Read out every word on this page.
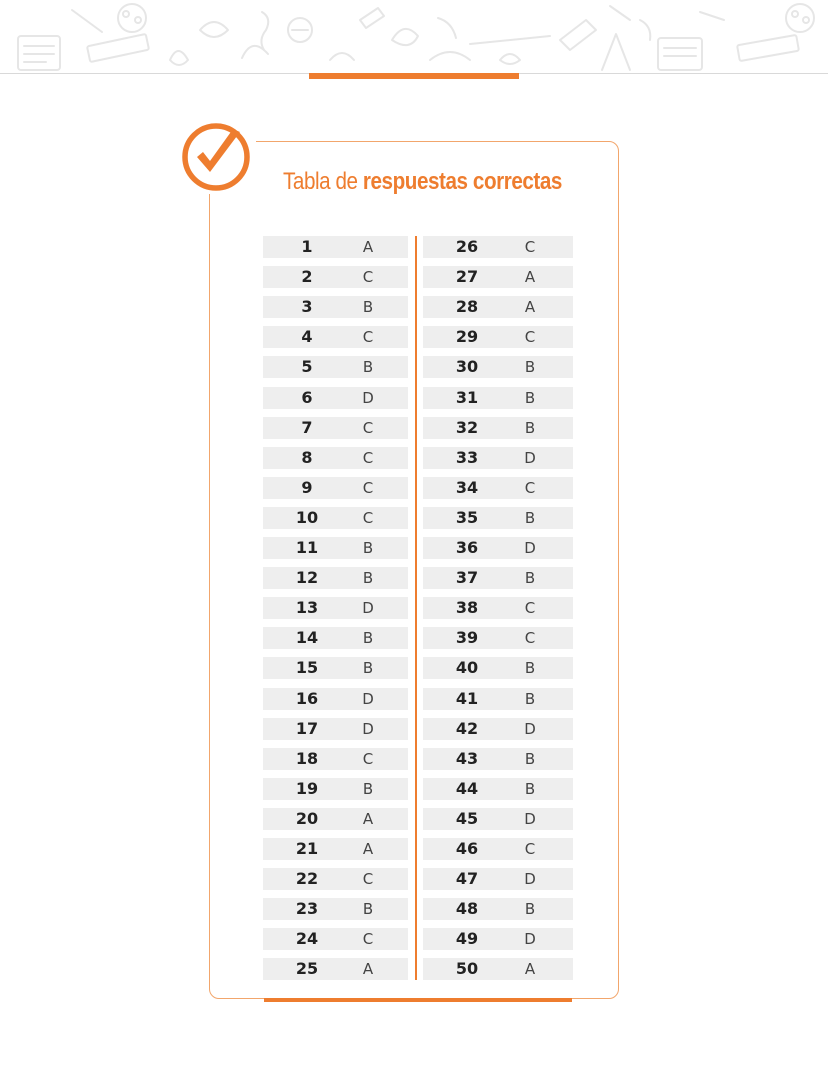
Tabla de respuestas correctas
1	A
2	C
3	B
4	C
5	B
6	D
7	C
8	C
9	C
10	C
11	B
12	B
13	D
14	B
15	B
16	D
17	D
18	C
19	B
20	A
21	A
22	C
23	B
24	C
25	A
26	C
27	A
28	A
29	C
30	B
31	B
32	B
33	D
34	C
35	B
36	D
37	B
38	C
39	C
40	B
41	B
42	D
43	B
44	B
45	D
46	C
47	D
48	B
49	D
50	A
